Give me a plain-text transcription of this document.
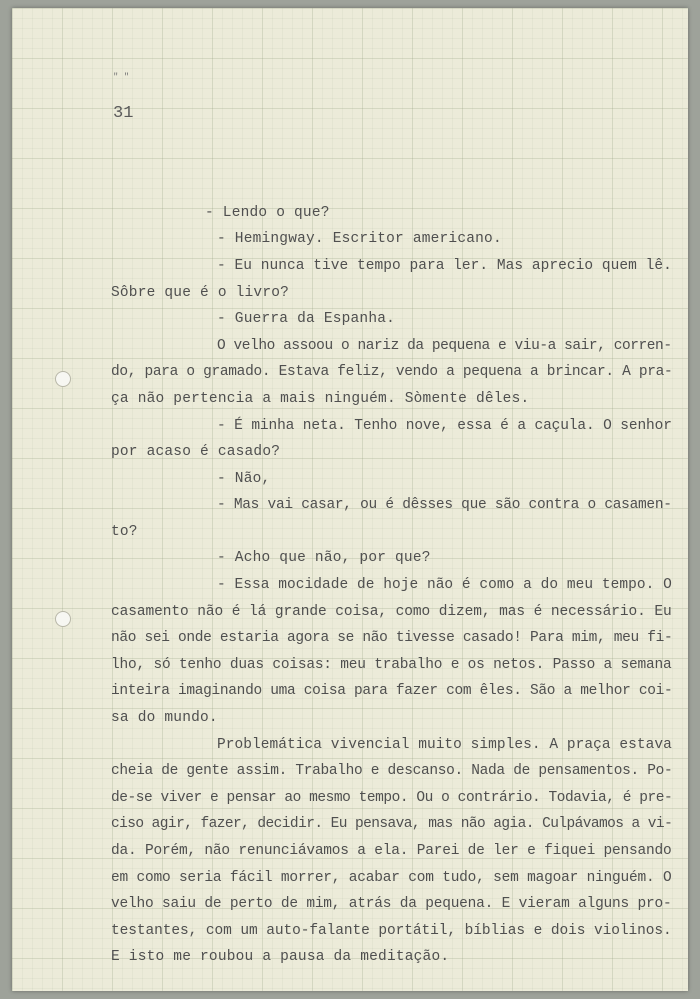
" "
31
- Lendo o que?
- Hemingway. Escritor americano.
- Eu nunca tive tempo para ler. Mas aprecio quem lê.
Sôbre que é o livro?
- Guerra da Espanha.
O velho assoou o nariz da pequena e viu-a sair, corren-
do, para o gramado. Estava feliz, vendo a pequena a brincar. A pra-
ça não pertencia a mais ninguém. Sòmente dêles.
- É minha neta. Tenho nove, essa é a caçula. O senhor
por acaso é casado?
- Não,
- Mas vai casar, ou é dêsses que são contra o casamen-
to?
- Acho que não, por que?
- Essa mocidade de hoje não é como a do meu tempo. O
casamento não é lá grande coisa, como dizem, mas é necessário. Eu
não sei onde estaria agora se não tivesse casado! Para mim, meu fi-
lho, só tenho duas coisas: meu trabalho e os netos. Passo a semana
inteira imaginando uma coisa para fazer com êles. São a melhor coi-
sa do mundo.
Problemática vivencial muito simples. A praça estava
cheia de gente assim. Trabalho e descanso. Nada de pensamentos. Po-
de-se viver e pensar ao mesmo tempo. Ou o contrário. Todavia, é pre-
ciso agir, fazer, decidir. Eu pensava, mas não agia. Culpávamos a vi-
da. Porém, não renunciávamos a ela. Parei de ler e fiquei pensando
em como seria fácil morrer, acabar com tudo, sem magoar ninguém. O
velho saiu de perto de mim, atrás da pequena. E vieram alguns pro-
testantes, com um auto-falante portátil, bíblias e dois violinos.
E isto me roubou a pausa da meditação.
